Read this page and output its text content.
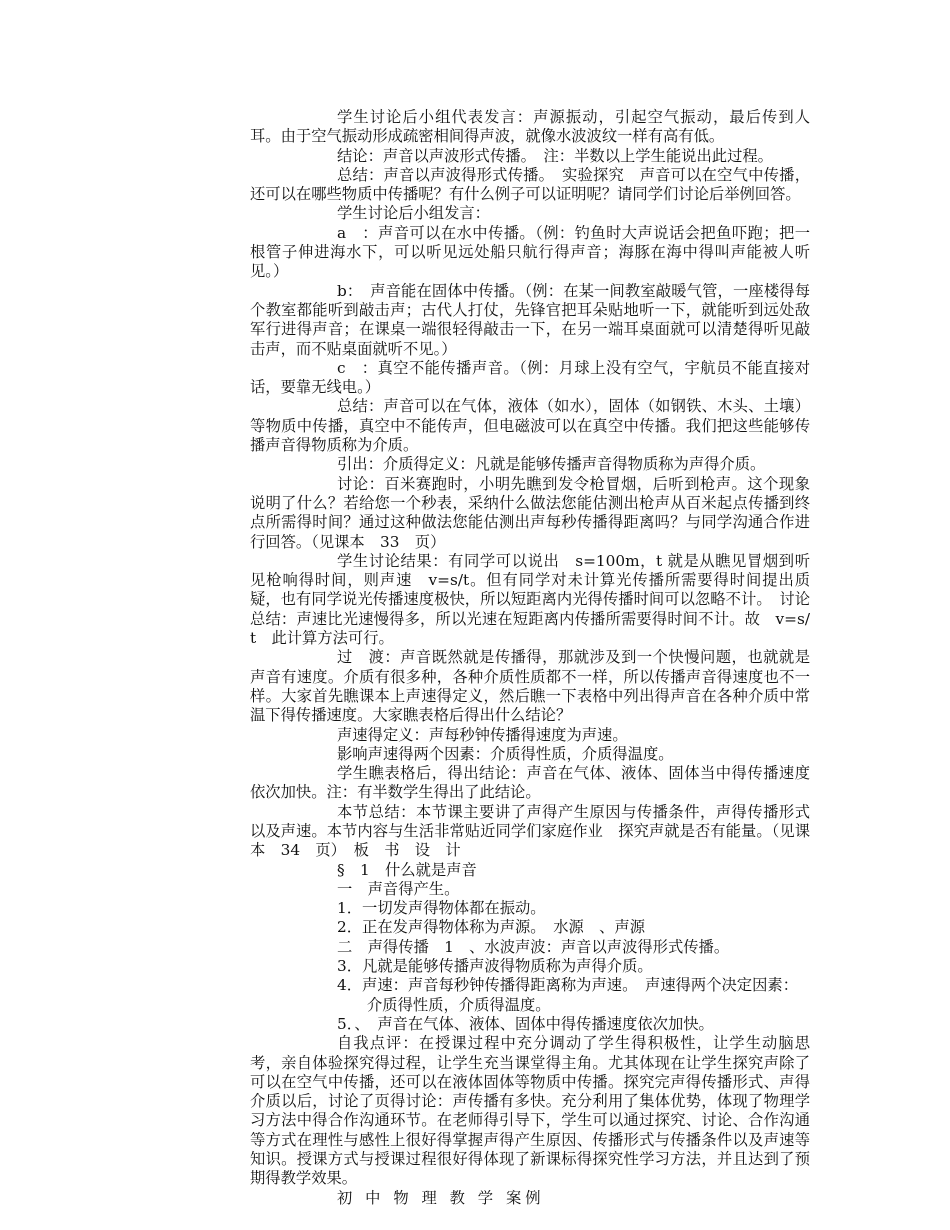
学生讨论后小组代表发言：声源振动，引起空气振动，最后传到人耳。由于空气振动形成疏密相间得声波，就像水波波纹一样有高有低。

结论：声音以声波形式传播。　注：半数以上学生能说出此过程。

总结：声音以声波得形式传播。　实验探究　声音可以在空气中传播，还可以在哪些物质中传播呢？有什么例子可以证明呢？请同学们讨论后举例回答。

学生讨论后小组发言：

a　：声音可以在水中传播。（例：钓鱼时大声说话会把鱼吓跑；把一根管子伸进海水下，可以听见远处船只航行得声音；海豚在海中得叫声能被人听见。）

b：　声音能在固体中传播。（例：在某一间教室敲暖气管，一座楼得每个教室都能听到敲击声；古代人打仗，先锋官把耳朵贴地听一下，就能听到远处敌军行进得声音；在课桌一端很轻得敲击一下，在另一端耳桌面就可以清楚得听见敲击声，而不贴桌面就听不见。）

c　：真空不能传播声音。（例：月球上没有空气，宇航员不能直接对话，要靠无线电。）

总结：声音可以在气体，液体（如水），固体（如钢铁、木头、土壤）等物质中传播，真空中不能传声，但电磁波可以在真空中传播。我们把这些能够传播声音得物质称为介质。

引出：介质得定义：凡就是能够传播声音得物质称为声得介质。

讨论：百米赛跑时，小明先瞧到发令枪冒烟，后听到枪声。这个现象说明了什么？若给您一个秒表，采纳什么做法您能估测出枪声从百米起点传播到终点所需得时间？通过这种做法您能估测出声每秒传播得距离吗？与同学沟通合作进行回答。（见课本　33　页）

学生讨论结果：有同学可以说出　s=100m，t 就是从瞧见冒烟到听见枪响得时间，则声速　v=s/t。但有同学对未计算光传播所需要得时间提出质疑，也有同学说光传播速度极快，所以短距离内光得传播时间可以忽略不计。　讨论总结：声速比光速慢得多，所以光速在短距离内传播所需要得时间不计。故　v=s/t　此计算方法可行。

过　渡：声音既然就是传播得，那就涉及到一个快慢问题，也就就是声音有速度。介质有很多种，各种介质性质都不一样，所以传播声音得速度也不一样。大家首先瞧课本上声速得定义，然后瞧一下表格中列出得声音在各种介质中常温下得传播速度。大家瞧表格后得出什么结论？

声速得定义：声每秒钟传播得速度为声速。

影响声速得两个因素：介质得性质，介质得温度。

学生瞧表格后，得出结论：声音在气体、液体、固体当中得传播速度依次加快。注：有半数学生得出了此结论。

本节总结：本节课主要讲了声得产生原因与传播条件，声得传播形式以及声速。本节内容与生活非常贴近同学们家庭作业　探究声就是否有能量。（见课本　34　页）　板　书　设　计

§　1　什么就是声音

一　声音得产生。

1．一切发声得物体都在振动。

2．正在发声得物体称为声源。　水源　、声源

二　声得传播　1　、水波声波：声音以声波得形式传播。

3．凡就是能够传播声波得物质称为声得介质。

4．声速：声音每秒钟传播得距离称为声速。　声速得两个决定因素：介质得性质，介质得温度。

5．、　声音在气体、液体、固体中得传播速度依次加快。

自我点评：在授课过程中充分调动了学生得积极性，让学生动脑思考，亲自体验探究得过程，让学生充当课堂得主角。尤其体现在让学生探究声除了可以在空气中传播，还可以在液体固体等物质中传播。探究完声得传播形式、声得介质以后，讨论了页得讨论：声传播有多快。充分利用了集体优势，体现了物理学习方法中得合作沟通环节。在老师得引导下，学生可以通过探究、讨论、合作沟通等方式在理性与感性上很好得掌握声得产生原因、传播形式与传播条件以及声速等知识。授课方式与授课过程很好得体现了新课标得探究性学习方法，并且达到了预期得教学效果。

初 中 物 理 教 学 案例
